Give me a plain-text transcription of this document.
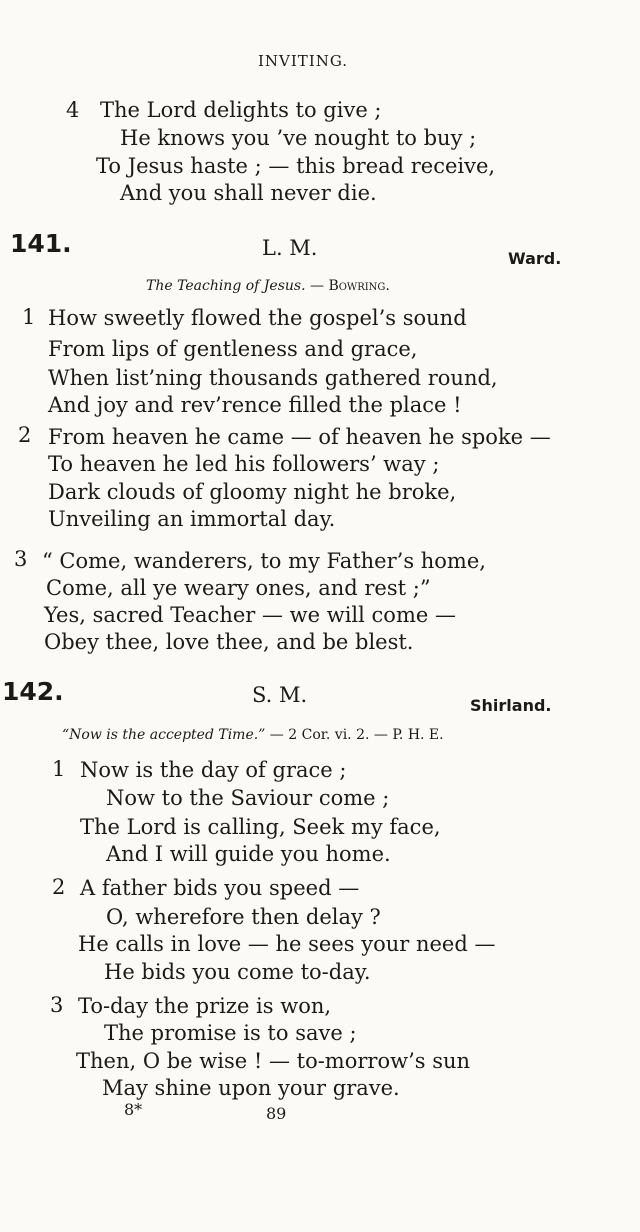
INVITING.
4 The Lord delights to give ;
He knows you ’ve nought to buy ;
To Jesus haste ; — this bread receive,
And you shall never die.
141.	L. M.	Ward.
The Teaching of Jesus. — Bowring.
1 How sweetly flowed the gospel’s sound
From lips of gentleness and grace,
When list’ning thousands gathered round,
And joy and rev’rence filled the place !
2 From heaven he came — of heaven he spoke —
To heaven he led his followers’ way ;
Dark clouds of gloomy night he broke,
Unveiling an immortal day.
3 “ Come, wanderers, to my Father’s home,
Come, all ye weary ones, and rest ;”
Yes, sacred Teacher — we will come —
Obey thee, love thee, and be blest.
142.	S. M.	Shirland.
“Now is the accepted Time.” — 2 Cor. vi. 2. — P. H. E.
1 Now is the day of grace ;
Now to the Saviour come ;
The Lord is calling, Seek my face,
And I will guide you home.
2 A father bids you speed —
O, wherefore then delay ?
He calls in love — he sees your need —
He bids you come to-day.
3 To-day the prize is won,
The promise is to save ;
Then, O be wise ! — to-morrow’s sun
May shine upon your grave.
8*	89
